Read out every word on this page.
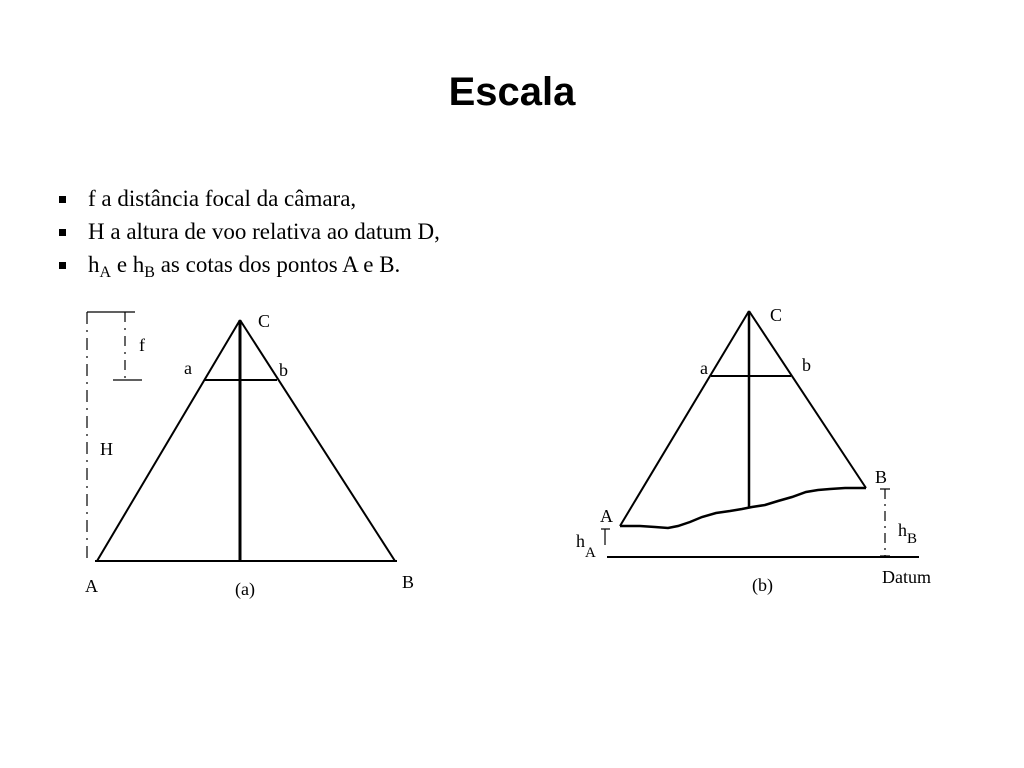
Escala
f a distância focal da câmara,
H a altura de voo relativa ao datum D,
$h_A$ e $h_B$ as cotas dos pontos A e B.
C
a	b
f
H
A	B
(a)
C
a	b
B
A
$h_B$
$h_A$
Datum
(b)
